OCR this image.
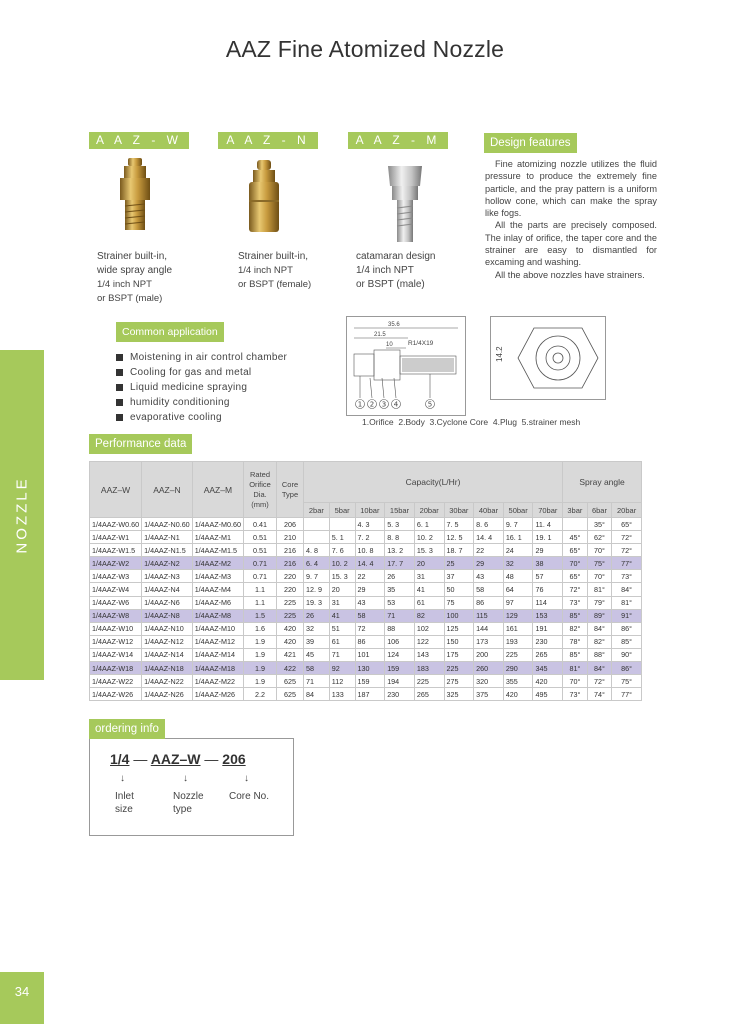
AAZ Fine Atomized Nozzle
A A Z - W	A A Z - N	A A Z - M
Strainer built-in,
wide spray angle
1/4 inch NPT
or BSPT (male)
Strainer built-in,
1/4 inch NPT
or BSPT (female)
catamaran design
1/4 inch NPT
or BSPT (male)
Design features

Fine atomizing nozzle utilizes the fluid pressure to produce the extremely fine particle, and the pray pattern is a uniform hollow cone, which can make the spray like fogs.

All the parts are precisely composed. The inlay of orifice, the taper core and the strainer are easy to dismantled for excaming and washing.

All the above nozzles have strainers.

Common application
Moistening in air control chamber
Cooling for gas and metal
Liquid medicine spraying
humidity conditioning
evaporative cooling
35.6
21.5
10 R1/4X19
1 2 3 4	5
14.2
1.Orifice  2.Body  3.Cyclone Core  4.Plug  5.strainer mesh
Performance data
AAZ–W	AAZ–N	AAZ–M	Rated Orifice Dia. (mm)	Core Type	Capacity(L/Hr)									Spray angle		
					2bar	5bar	10bar	15bar	20bar	30bar	40bar	50bar	70bar	3bar	6bar	20bar
1/4AAZ-W0.60	1/4AAZ-N0.60	1/4AAZ-M0.60	0.41	206			4. 3	5. 3	6. 1	7. 5	8. 6	9. 7	11. 4		35°	65°
1/4AAZ-W1	1/4AAZ-N1	1/4AAZ-M1	0.51	210		5. 1	7. 2	8. 8	10. 2	12. 5	14. 4	16. 1	19. 1	45°	62°	72°
1/4AAZ-W1.5	1/4AAZ-N1.5	1/4AAZ-M1.5	0.51	216	4. 8	7. 6	10. 8	13. 2	15. 3	18. 7	22	24	29	65°	70°	72°
1/4AAZ-W2	1/4AAZ-N2	1/4AAZ-M2	0.71	216	6. 4	10. 2	14. 4	17. 7	20	25	29	32	38	70°	75°	77°
1/4AAZ-W3	1/4AAZ-N3	1/4AAZ-M3	0.71	220	9. 7	15. 3	22	26	31	37	43	48	57	65°	70°	73°
1/4AAZ-W4	1/4AAZ-N4	1/4AAZ-M4	1.1	220	12. 9	20	29	35	41	50	58	64	76	72°	81°	84°
1/4AAZ-W6	1/4AAZ-N6	1/4AAZ-M6	1.1	225	19. 3	31	43	53	61	75	86	97	114	73°	79°	81°
1/4AAZ-W8	1/4AAZ-N8	1/4AAZ-M8	1.5	225	26	41	58	71	82	100	115	129	153	85°	89°	91°
1/4AAZ-W10	1/4AAZ-N10	1/4AAZ-M10	1.6	420	32	51	72	88	102	125	144	161	191	82°	84°	86°
1/4AAZ-W12	1/4AAZ-N12	1/4AAZ-M12	1.9	420	39	61	86	106	122	150	173	193	230	78°	82°	85°
1/4AAZ-W14	1/4AAZ-N14	1/4AAZ-M14	1.9	421	45	71	101	124	143	175	200	225	265	85°	88°	90°
1/4AAZ-W18	1/4AAZ-N18	1/4AAZ-M18	1.9	422	58	92	130	159	183	225	260	290	345	81°	84°	86°
1/4AAZ-W22	1/4AAZ-N22	1/4AAZ-M22	1.9	625	71	112	159	194	225	275	320	355	420	70°	72°	75°
1/4AAZ-W26	1/4AAZ-N26	1/4AAZ-M26	2.2	625	84	133	187	230	265	325	375	420	495	73°	74°	77°
ordering info
1/4 — AAZ–W — 206
↓	↓	↓
Inlet
size
Nozzle
type
Core No.
NOZZLE
34
